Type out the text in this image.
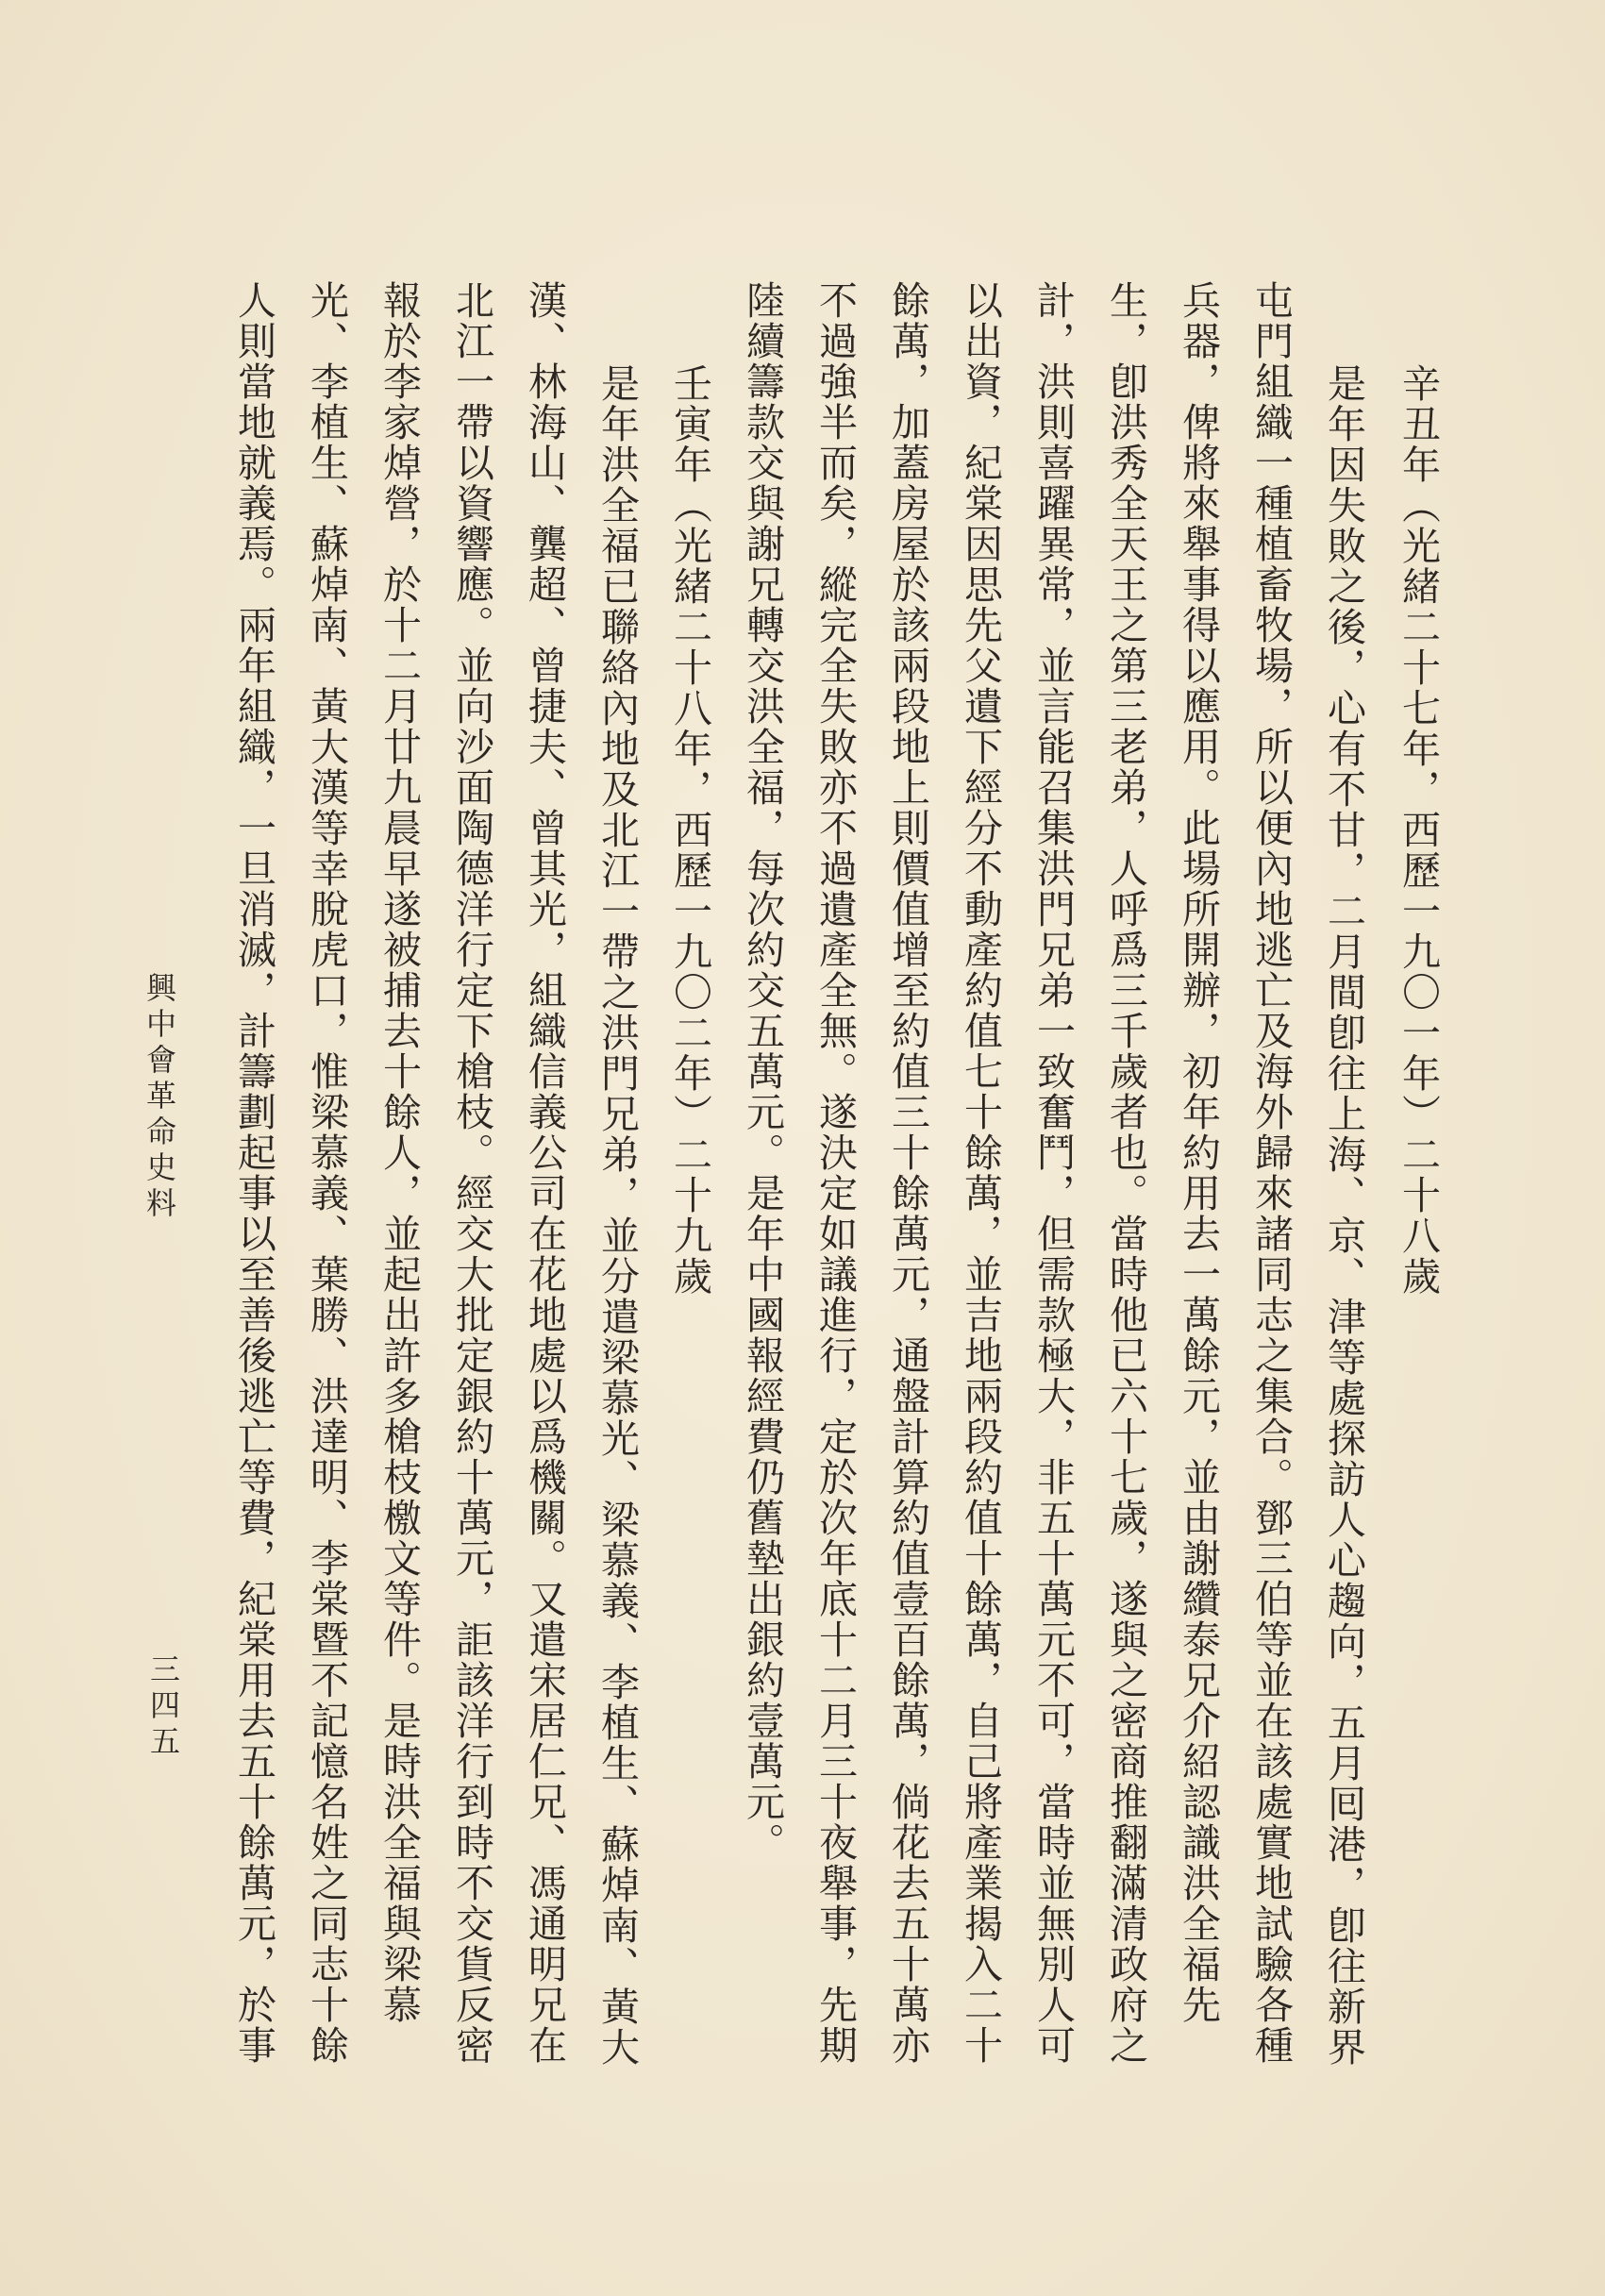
辛丑年（光緒二十七年，西歷一九〇一年）二十八歲
是年因失敗之後，心有不甘，二月間卽往上海、京、津等處探訪人心趨向，五月囘港，卽往新界
屯門組織一種植畜牧場，所以便內地逃亡及海外歸來諸同志之集合。鄧三伯等並在該處實地試驗各種
兵器，俾將來舉事得以應用。此場所開辦，初年約用去一萬餘元，並由謝纘泰兄介紹認識洪全福先
生，卽洪秀全天王之第三老弟，人呼爲三千歲者也。當時他已六十七歲，遂與之密商推翻滿清政府之
計，洪則喜躍異常，並言能召集洪門兄弟一致奮鬥，但需款極大，非五十萬元不可，當時並無別人可
以出資，紀棠因思先父遺下經分不動產約值七十餘萬，並吉地兩段約值十餘萬，自己將產業揭入二十
餘萬，加蓋房屋於該兩段地上則價值增至約值三十餘萬元，通盤計算約值壹百餘萬，倘花去五十萬亦
不過強半而矣，縱完全失敗亦不過遺產全無。遂決定如議進行，定於次年底十二月三十夜舉事，先期
陸續籌款交與謝兄轉交洪全福，每次約交五萬元。是年中國報經費仍舊墊出銀約壹萬元。
壬寅年（光緒二十八年，西歷一九〇二年）二十九歲
是年洪全福已聯絡內地及北江一帶之洪門兄弟，並分遣梁慕光、梁慕義、李植生、蘇焯南、黃大
漢、林海山、龔超、曾捷夫、曾其光，組織信義公司在花地處以爲機關。又遣宋居仁兄、馮通明兄在
北江一帶以資響應。並向沙面陶德洋行定下槍枝。經交大批定銀約十萬元，詎該洋行到時不交貨反密
報於李家焯營，於十二月廿九晨早遂被捕去十餘人，並起出許多槍枝檄文等件。是時洪全福與梁慕
光、李植生、蘇焯南、黃大漢等幸脫虎口，惟梁慕義、葉勝、洪達明、李棠暨不記憶名姓之同志十餘
人則當地就義焉。兩年組織，一旦消滅，計籌劃起事以至善後逃亡等費，紀棠用去五十餘萬元，於事
興中會革命史料
三四五
